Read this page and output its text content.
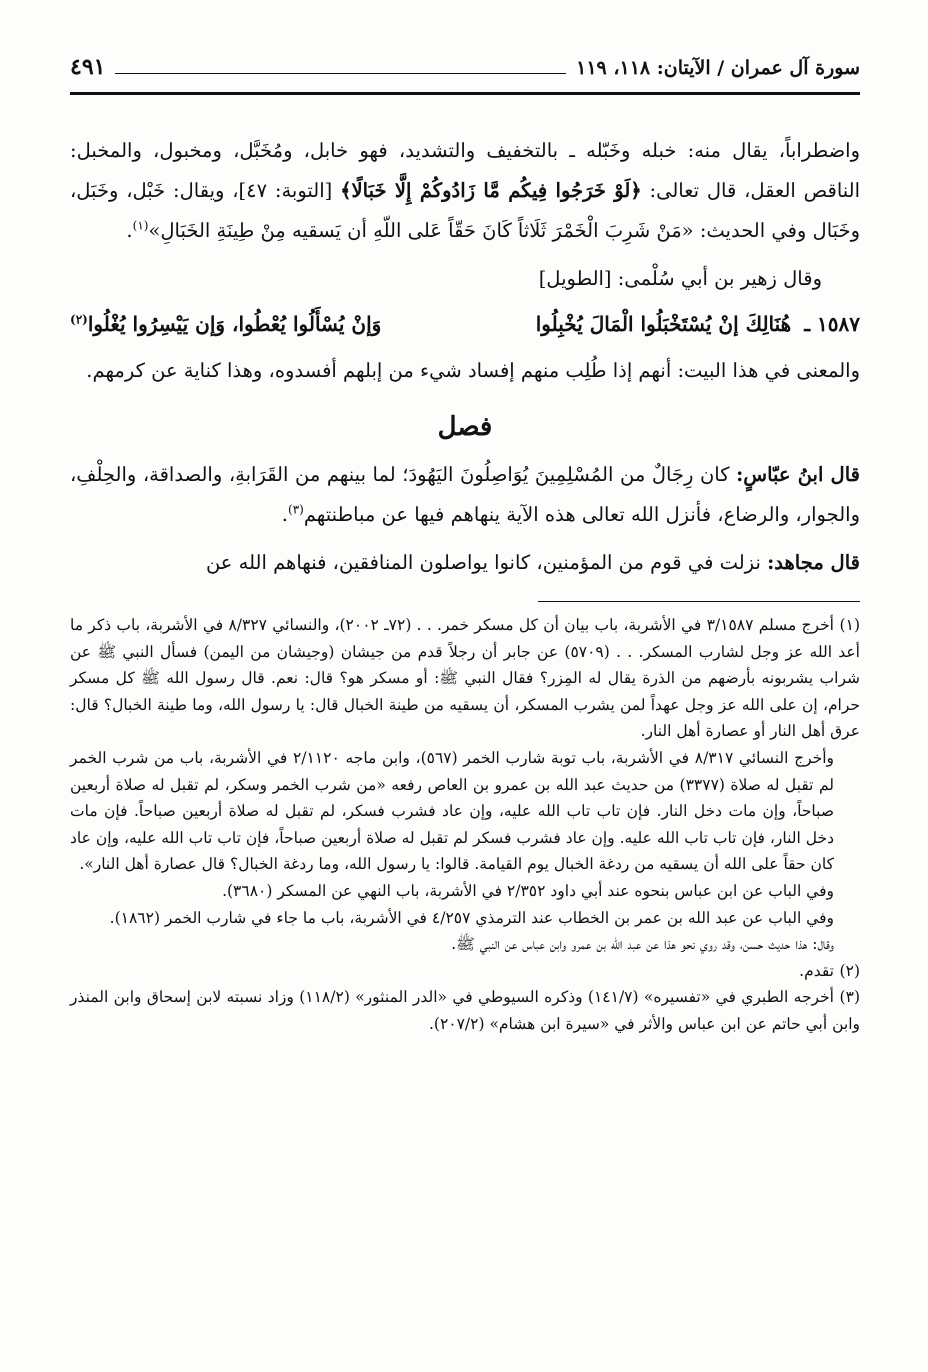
سورة آل عمران / الآيتان: ١١٨، ١١٩
٤٩١

واضطراباً، يقال منه: خبله وخَبّله ـ بالتخفيف والتشديد، فهو خابل، ومُخَبَّل، ومخبول، والمخبل: الناقص العقل، قال تعالى: ﴿لَوْ خَرَجُوا فِيكُم مَّا زَادُوكُمْ إِلَّا خَبَالًا﴾ [التوبة: ٤٧]، ويقال: خَبْل، وخَبَل، وخَبَال وفي الحديث: «مَنْ شَرِبَ الْخَمْرَ ثَلَاثاً كَانَ حَقّاً عَلى اللّهِ أن يَسقيه مِنْ طِينَةِ الخَبَالِ»$^{(١)}$.

وقال زهير بن أبي سُلْمى: [الطويل]

١٥٨٧ ـ هُنَالِكَ إنْ يُسْتَخْبَلُوا الْمَالَ يُخْبِلُوا
وَإنْ يُسْأَلُوا يُعْطُوا، وَإن يَيْسِرُوا يُغْلُوا$^{(٢)}$

والمعنى في هذا البيت: أنهم إذا طُلِب منهم إفساد شيء من إبلهم أفسدوه، وهذا كناية عن كرمهم.

فصل

قال ابنُ عبّاسٍ: كان رِجَالٌ من المُسْلِمِينَ يُوَاصِلُونَ اليَهُودَ؛ لما بينهم من القَرَابةِ، والصداقة، والحِلْفِ، والجوار، والرضاع، فأنزل الله تعالى هذه الآية ينهاهم فيها عن مباطنتهم$^{(٣)}$.

قال مجاهد: نزلت في قوم من المؤمنين، كانوا يواصلون المنافقين، فنهاهم الله عن

(١)أخرج مسلم ٣/١٥٨٧ في الأشربة، باب بيان أن كل مسكر خمر. . . (٧٢ـ ٢٠٠٢)، والنسائي ٨/٣٢٧ في الأشربة، باب ذكر ما أعد الله عز وجل لشارب المسكر. . . (٥٧٠٩) عن جابر أن رجلاً قدم من جيشان (وجيشان من اليمن) فسأل النبي ﷺ عن شراب يشربونه بأرضهم من الذرة يقال له المِزر؟ فقال النبي ﷺ: أو مسكر هو؟ قال: نعم. قال رسول الله ﷺ كل مسكر حرام، إن على الله عز وجل عهداً لمن يشرب المسكر، أن يسقيه من طينة الخبال قال: يا رسول الله، وما طينة الخبال؟ قال: عرق أهل النار أو عصارة أهل النار.

وأخرج النسائي ٨/٣١٧ في الأشربة، باب توبة شارب الخمر (٥٦٧)، وابن ماجه ٢/١١٢٠ في الأشربة، باب من شرب الخمر لم تقبل له صلاة (٣٣٧٧) من حديث عبد الله بن عمرو بن العاص رفعه «من شرب الخمر وسكر، لم تقبل له صلاة أربعين صباحاً، وإن مات دخل النار. فإن تاب تاب الله عليه، وإن عاد فشرب فسكر، لم تقبل له صلاة أربعين صباحاً. فإن مات دخل النار، فإن تاب تاب الله عليه. وإن عاد فشرب فسكر لم تقبل له صلاة أربعين صباحاً، فإن تاب تاب الله عليه، وإن عاد كان حقاً على الله أن يسقيه من ردغة الخبال يوم القيامة. قالوا: يا رسول الله، وما ردغة الخبال؟ قال عصارة أهل النار».

وفي الباب عن ابن عباس بنحوه عند أبي داود ٢/٣٥٢ في الأشربة، باب النهي عن المسكر (٣٦٨٠).

وفي الباب عن عبد الله بن عمر بن الخطاب عند الترمذي ٤/٢٥٧ في الأشربة، باب ما جاء في شارب الخمر (١٨٦٢).

وقال: هذا حديث حسن، وقد روي نحو هذا عن عبد الله بن عمرو وابن عباس عن النبي ﷺ.

(٢)تقدم.

(٣)أخرجه الطبري في «تفسيره» (١٤١/٧) وذكره السيوطي في «الدر المنثور» (١١٨/٢) وزاد نسبته لابن إسحاق وابن المنذر وابن أبي حاتم عن ابن عباس والأثر في «سيرة ابن هشام» (٢٠٧/٢).
